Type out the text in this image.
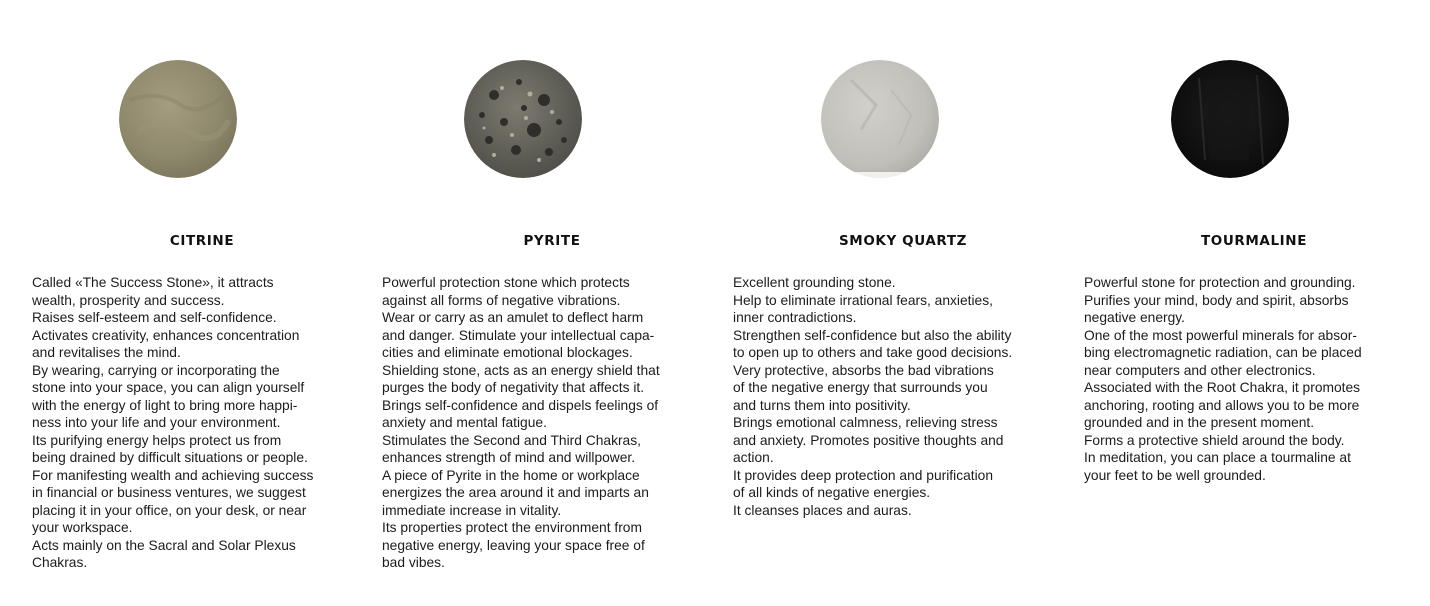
CITRINE
Called «The Success Stone», it attracts
wealth, prosperity and success.
Raises self-esteem and self-confidence.
Activates creativity, enhances concentration
and revitalises the mind.
By wearing, carrying or incorporating the
stone into your space, you can align yourself
with the energy of light to bring more happi-
ness into your life and your environment.
Its purifying energy helps protect us from
being drained by difficult situations or people.
For manifesting wealth and achieving success
in financial or business ventures, we suggest
placing it in your office, on your desk, or near
your workspace.
Acts mainly on the Sacral and Solar Plexus
Chakras.
PYRITE
Powerful protection stone which protects
against all forms of negative vibrations.
Wear or carry as an amulet to deflect harm
and danger. Stimulate your intellectual capa-
cities and eliminate emotional blockages.
Shielding stone, acts as an energy shield that
purges the body of negativity that affects it.
Brings self-confidence and dispels feelings of
anxiety and mental fatigue.
Stimulates the Second and Third Chakras,
enhances strength of mind and willpower.
A piece of Pyrite in the home or workplace
energizes the area around it and imparts an
immediate increase in vitality.
Its properties protect the environment from
negative energy, leaving your space free of
bad vibes.
SMOKY QUARTZ
Excellent grounding stone.
Help to eliminate irrational fears, anxieties,
inner contradictions.
Strengthen self-confidence but also the ability
to open up to others and take good decisions.
Very protective, absorbs the bad vibrations
of the negative energy that surrounds you
and turns them into positivity.
Brings emotional calmness, relieving stress
and anxiety. Promotes positive thoughts and
action.
It provides deep protection and purification
of all kinds of negative energies.
It cleanses places and auras.
TOURMALINE
Powerful stone for protection and grounding.
Purifies your mind, body and spirit, absorbs
negative energy.
One of the most powerful minerals for absor-
bing electromagnetic radiation, can be placed
near computers and other electronics.
Associated with the Root Chakra, it promotes
anchoring, rooting and allows you to be more
grounded and in the present moment.
Forms a protective shield around the body.
In meditation, you can place a tourmaline at
your feet to be well grounded.
